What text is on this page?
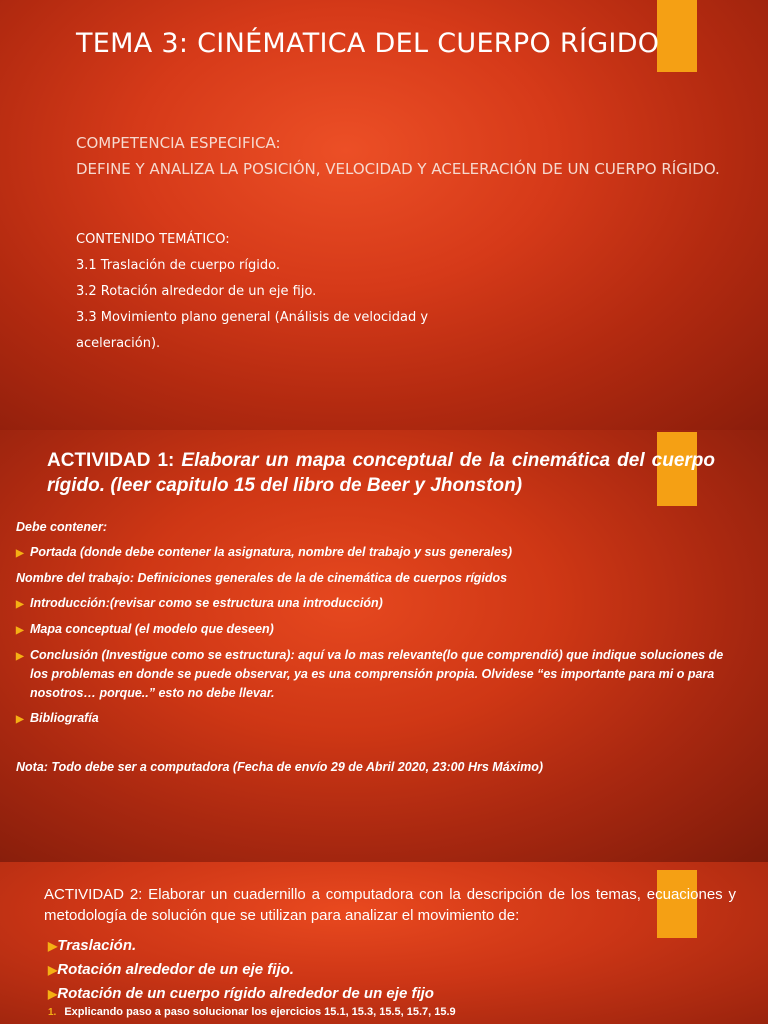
TEMA 3: CINÉMATICA DEL CUERPO RÍGIDO
COMPETENCIA ESPECIFICA:
DEFINE Y ANALIZA LA POSICIÓN, VELOCIDAD Y ACELERACIÓN DE UN CUERPO RÍGIDO.
CONTENIDO TEMÁTICO:
3.1 Traslación de cuerpo rígido.
3.2 Rotación alrededor de un eje fijo.
3.3 Movimiento plano general (Análisis de velocidad y aceleración).
ACTIVIDAD 1: Elaborar un mapa conceptual de la cinemática del cuerpo rígido. (leer capitulo 15 del libro de Beer y Jhonston)
Debe contener:
▶ Portada (donde debe contener la asignatura, nombre del trabajo y sus generales)
Nombre del trabajo: Definiciones generales de la de cinemática de cuerpos rígidos
▶ Introducción:(revisar como se estructura una introducción)
▶ Mapa conceptual (el modelo que deseen)
▶ Conclusión (Investigue como se estructura): aquí va lo mas relevante(lo que comprendió) que indique soluciones de los problemas en donde se puede observar, ya es una comprensión propia. Olvidese “es importante para mi o para nosotros… porque..” esto no debe llevar.
▶ Bibliografía
Nota: Todo debe ser a computadora (Fecha de envío 29 de Abril 2020, 23:00 Hrs Máximo)
ACTIVIDAD 2: Elaborar un cuadernillo a computadora con la descripción de los temas, ecuaciones y metodología de solución que se utilizan para analizar el movimiento de:
▶Traslación.
▶Rotación alrededor de un eje fijo.
▶Rotación de un cuerpo rígido alrededor de un eje fijo
1. Explicando paso a paso solucionar los ejercicios 15.1, 15.3, 15.5, 15.7, 15.9
